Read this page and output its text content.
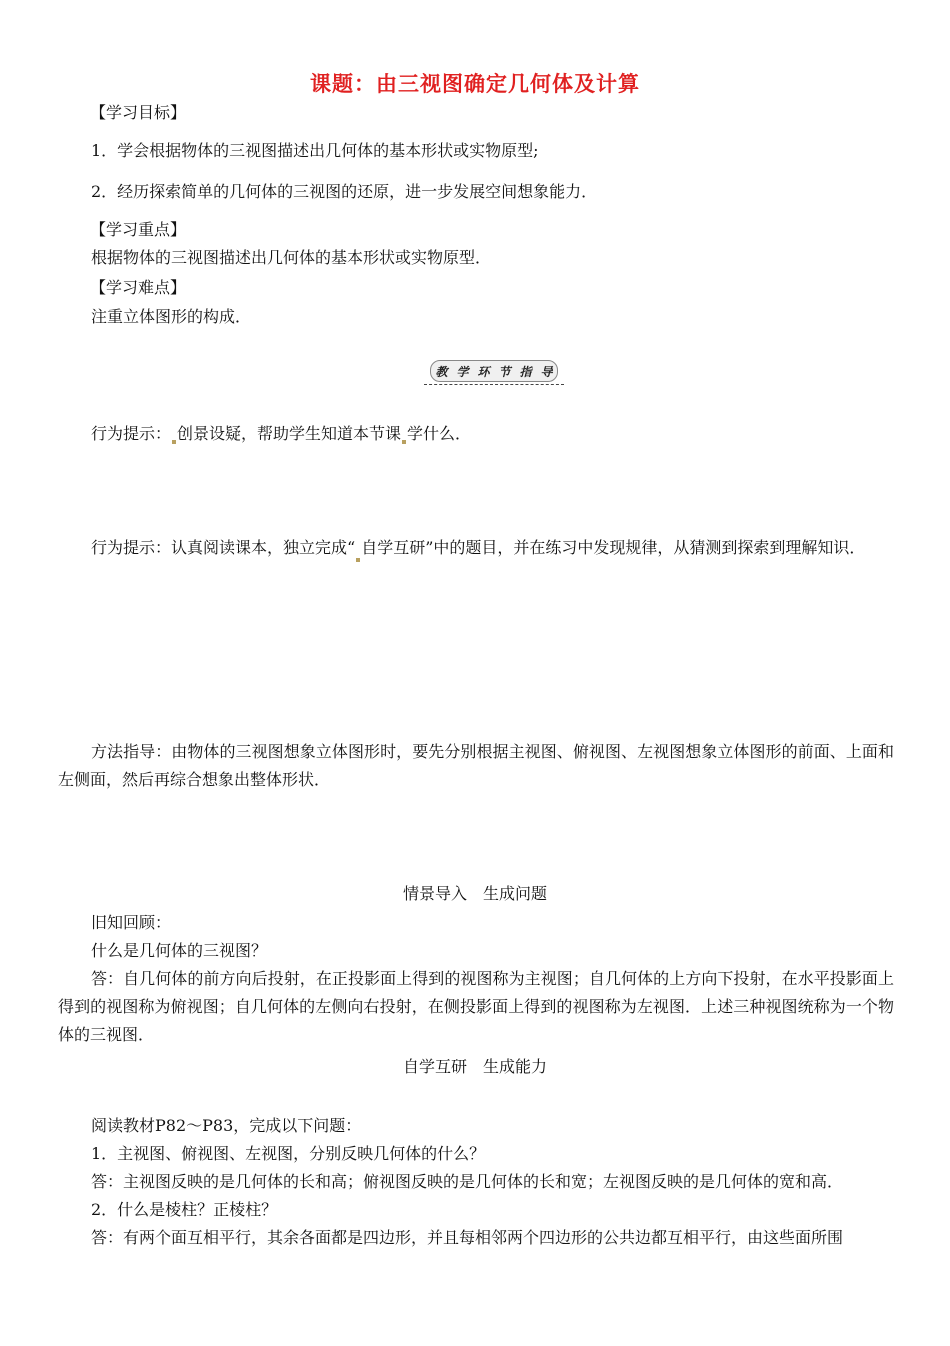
课题：由三视图确定几何体及计算
【学习目标】
1．学会根据物体的三视图描述出几何体的基本形状或实物原型;
2．经历探索简单的几何体的三视图的还原，进一步发展空间想象能力．
【学习重点】
根据物体的三视图描述出几何体的基本形状或实物原型．
【学习难点】
注重立体图形的构成．
教 学 环 节 指 导
行为提示： 创景设疑，帮助学生知道本节课 学什么．
行为提示：认真阅读课本，独立完成“ 自学互研”中的题目，并在练习中发现规律，从猜测到探索到理解知识．
方法指导：由物体的三视图想象立体图形时，要先分别根据主视图、俯视图、左视图想象立体图形的前面、上面和左侧面，然后再综合想象出整体形状．
情景导入　生成问题
旧知回顾：
什么是几何体的三视图？
答：自几何体的前方向后投射，在正投影面上得到的视图称为主视图；自几何体的上方向下投射，在水平投影面上得到的视图称为俯视图；自几何体的左侧向右投射，在侧投影面上得到的视图称为左视图．上述三种视图统称为一个物体的三视图．
自学互研　生成能力
阅读教材P82～P83，完成以下问题：
1．主视图、俯视图、左视图，分别反映几何体的什么？
答：主视图反映的是几何体的长和高；俯视图反映的是几何体的长和宽；左视图反映的是几何体的宽和高．
2．什么是棱柱？正棱柱？
答：有两个面互相平行，其余各面都是四边形，并且每相邻两个四边形的公共边都互相平行，由这些面所围
